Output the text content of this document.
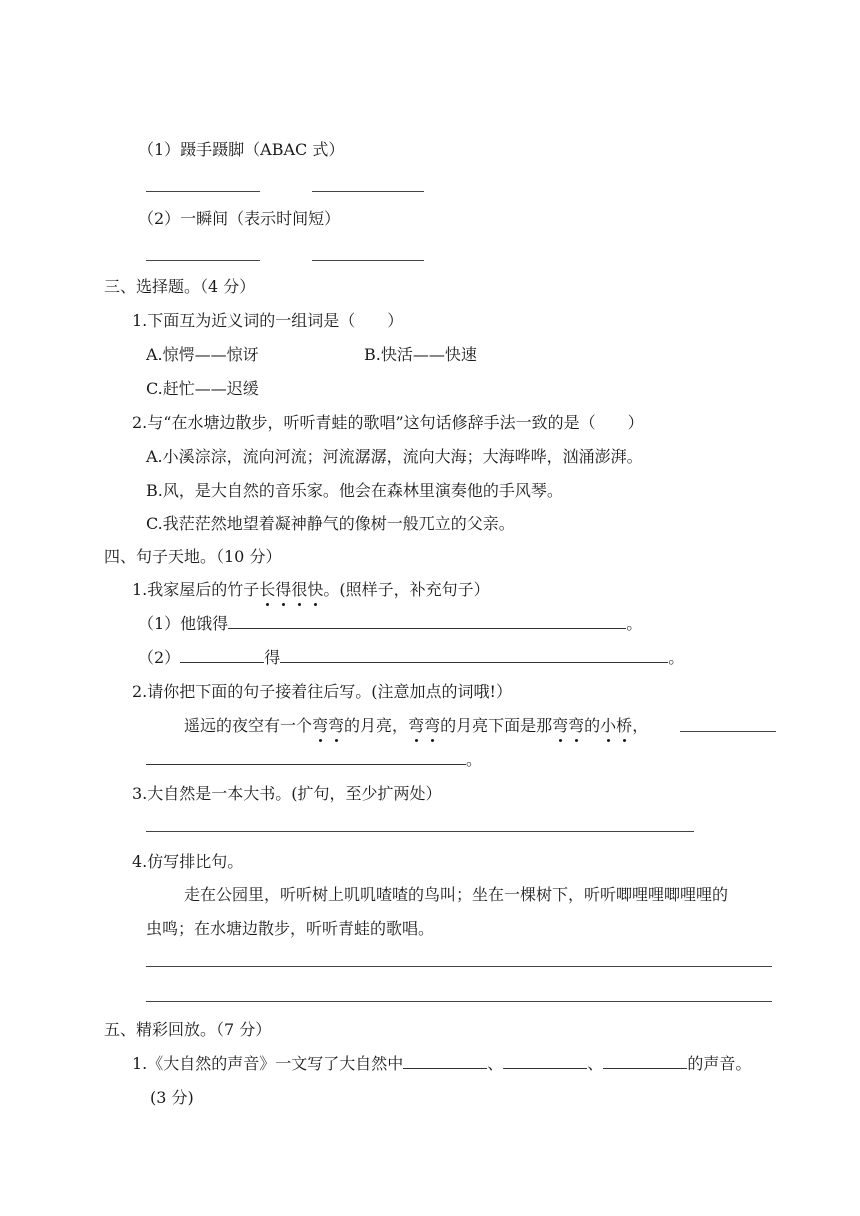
（1）蹑手蹑脚（ABAC 式）
（2）一瞬间（表示时间短）
三、选择题。（4 分）
1.下面互为近义词的一组词是（　　）
A.惊愕——惊讶	B.快活——快速
C.赶忙——迟缓
2.与“在水塘边散步，听听青蛙的歌唱”这句话修辞手法一致的是（　　）
A.小溪淙淙，流向河流；河流潺潺，流向大海；大海哗哗，汹涌澎湃。
B.风，是大自然的音乐家。他会在森林里演奏他的手风琴。
C.我茫茫然地望着凝神静气的像树一般兀立的父亲。
四、句子天地。（10 分）
1.我家屋后的竹子长得很快。(照样子，补充句子）
（1）他饿得	。
（2）	得	。
2.请你把下面的句子接着往后写。(注意加点的词哦!）
遥远的夜空有一个弯弯的月亮，弯弯的月亮下面是那弯弯的小桥，
。
3.大自然是一本大书。(扩句，至少扩两处）
4.仿写排比句。
走在公园里，听听树上叽叽喳喳的鸟叫；坐在一棵树下，听听唧哩哩唧哩哩的
虫鸣；在水塘边散步，听听青蛙的歌唱。
五、精彩回放。（7 分）
1.《大自然的声音》一文写了大自然中	、	、	的声音。
(3 分)
